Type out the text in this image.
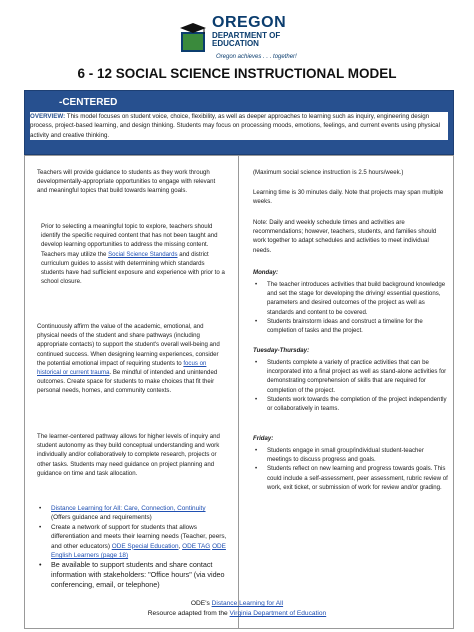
OREGON
DEPARTMENT OF EDUCATION
Oregon achieves . . . together!
6 - 12 SOCIAL SCIENCE INSTRUCTIONAL MODEL
-CENTERED
OVERVIEW: This model focuses on student voice, choice, flexibility, as well as deeper approaches to learning such as inquiry, engineering design process, project-based learning, and design thinking. Students may focus on processing moods, emotions, feelings, and current events using physical activity and creative thinking.
Teachers will provide guidance to students as they work through developmentally-appropriate opportunities to engage with relevant and meaningful topics that build towards learning goals.
Prior to selecting a meaningful topic to explore, teachers should identify the specific required content that has not been taught and develop learning opportunities to address the missing content. Teachers may utilize the Social Science Standards and district curriculum guides to assist with determining which standards students have had sufficient exposure and experience with prior to a school closure.
Continuously affirm the value of the academic, emotional, and physical needs of the student and share pathways (including appropriate contacts) to support the student's overall well-being and continued success. When designing learning experiences, consider the potential emotional impact of requiring students to focus on historical or current trauma. Be mindful of intended and unintended outcomes. Create space for students to make choices that fit their personal needs, homes, and community contexts.
The learner-centered pathway allows for higher levels of inquiry and student autonomy as they build conceptual understanding and work individually and/or collaboratively to complete research, projects or other tasks. Students may need guidance on project planning and guidance on time and task allocation.
• Distance Learning for All: Care, Connection, Continuity
(Offers guidance and requirements)
• Create a network of support for students that allows differentiation and meets their learning needs (Teacher, peers, and other educators) ODE Special Education, ODE TAG ODE English Learners (page 18)
• Be available to support students and share contact information with stakeholders: "Office hours" (via video conferencing, email, or telephone)
(Maximum social science instruction is 2.5 hours/week.)
Learning time is 30 minutes daily. Note that projects may span multiple weeks.
Note: Daily and weekly schedule times and activities are recommendations; however, teachers, students, and families should work together to adapt schedules and activities to meet individual needs.
Monday:
• The teacher introduces activities that build background knowledge and set the stage for developing the driving/ essential questions, parameters and desired outcomes of the project as well as standards and content to be covered.
• Students brainstorm ideas and construct a timeline for the completion of tasks and the project.
Tuesday-Thursday:
• Students complete a variety of practice activities that can be incorporated into a final project as well as stand-alone activities for demonstrating comprehension of skills that are required for completion of the project.
• Students work towards the completion of the project independently or collaboratively in teams.
Friday:
• Students engage in small group/individual student-teacher meetings to discuss progress and goals.
• Students reflect on new learning and progress towards goals. This could include a self-assessment, peer assessment, rubric review of work, exit ticket, or submission of work for review and/or grading.
ODE's Distance Learning for All
Resource adapted from the Virginia Department of Education
